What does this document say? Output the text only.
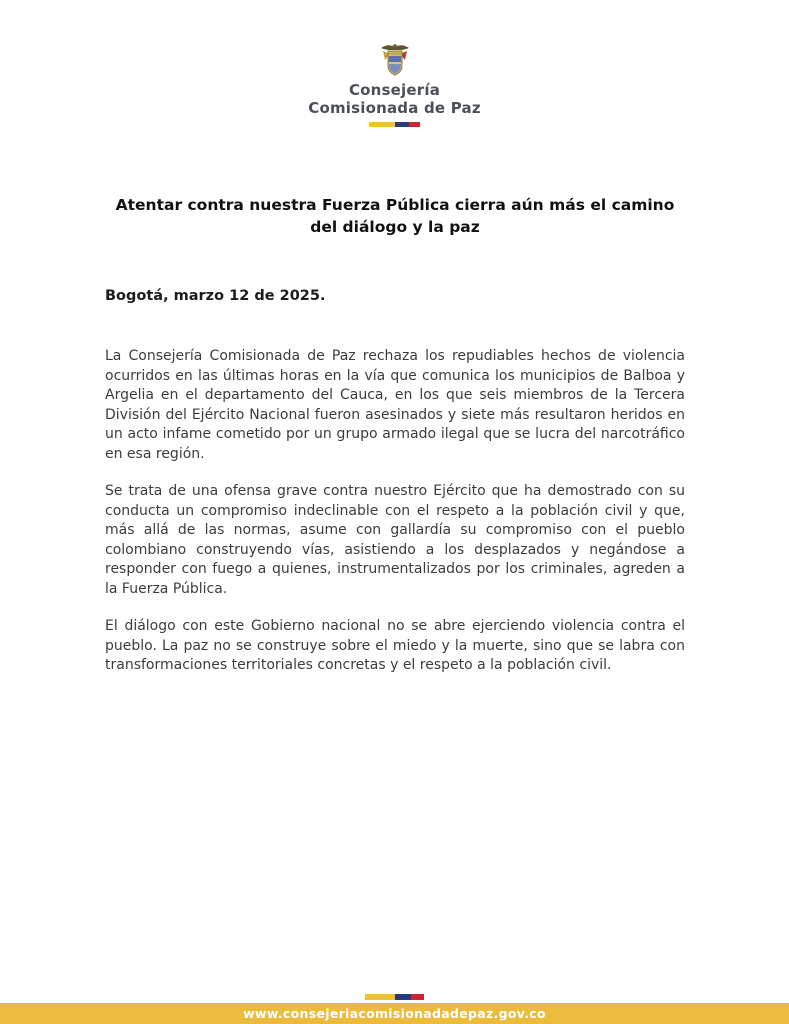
Consejería
Comisionada de Paz
Atentar contra nuestra Fuerza Pública cierra aún más el camino del diálogo y la paz
Bogotá, marzo 12 de 2025.

La Consejería Comisionada de Paz rechaza los repudiables hechos de violencia ocurridos en las últimas horas en la vía que comunica los municipios de Balboa y Argelia en el departamento del Cauca, en los que seis miembros de la Tercera División del Ejército Nacional fueron asesinados y siete más resultaron heridos en un acto infame cometido por un grupo armado ilegal que se lucra del narcotráfico en esa región.

Se trata de una ofensa grave contra nuestro Ejército que ha demostrado con su conducta un compromiso indeclinable con el respeto a la población civil y que, más allá de las normas, asume con gallardía su compromiso con el pueblo colombiano construyendo vías, asistiendo a los desplazados y negándose a responder con fuego a quienes, instrumentalizados por los criminales, agreden a la Fuerza Pública.

El diálogo con este Gobierno nacional no se abre ejerciendo violencia contra el pueblo. La paz no se construye sobre el miedo y la muerte, sino que se labra con transformaciones territoriales concretas y el respeto a la población civil.

www.consejeriacomisionadadepaz.gov.co
